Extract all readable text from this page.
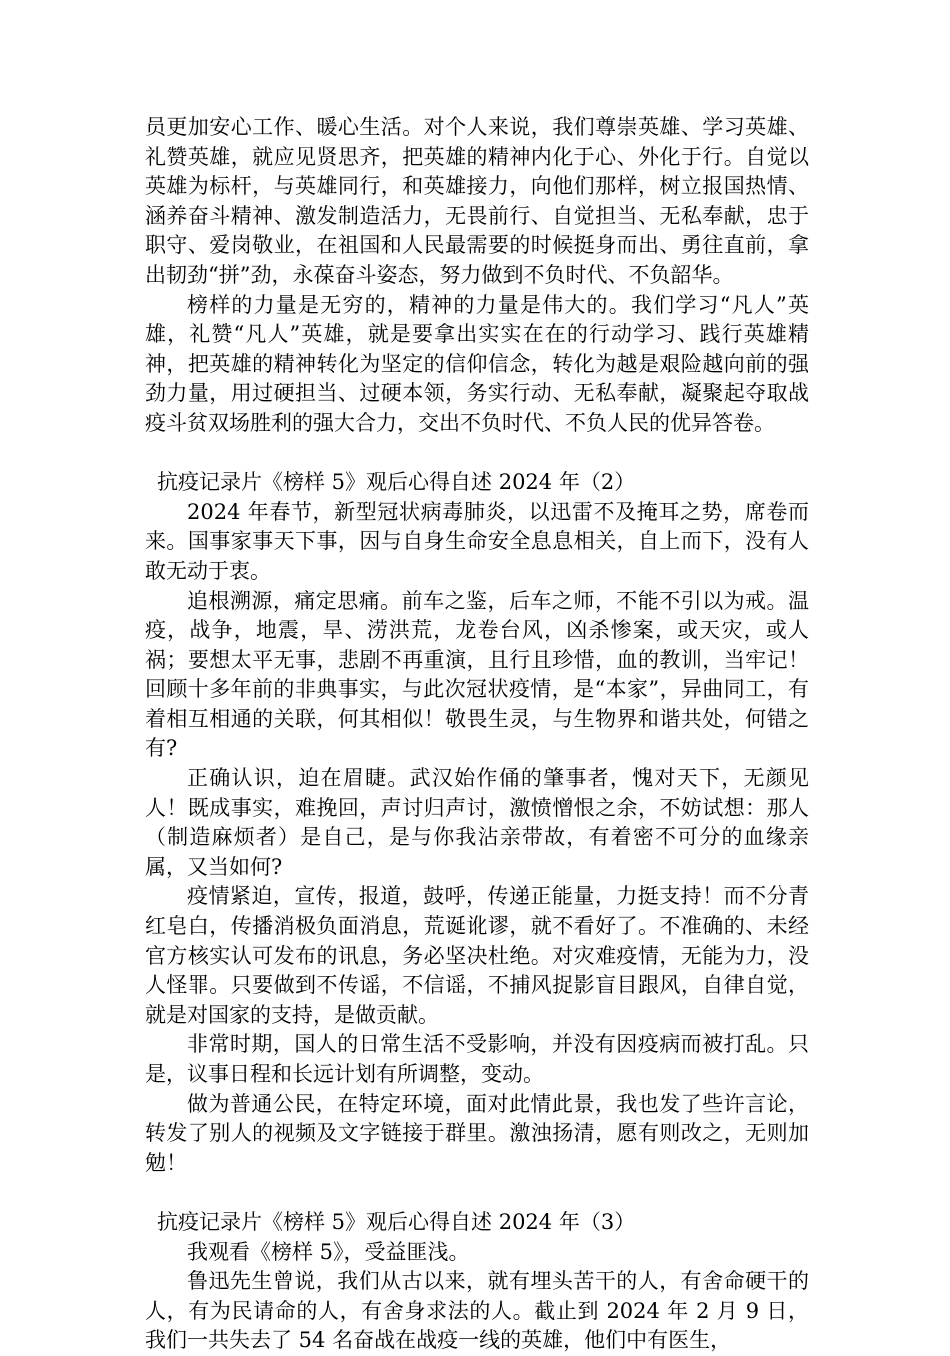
员更加安心工作、暖心生活。对个人来说，我们尊崇英雄、学习英雄、礼赞英雄，就应见贤思齐，把英雄的精神内化于心、外化于行。自觉以英雄为标杆，与英雄同行，和英雄接力，向他们那样，树立报国热情、涵养奋斗精神、激发制造活力，无畏前行、自觉担当、无私奉献，忠于职守、爱岗敬业，在祖国和人民最需要的时候挺身而出、勇往直前，拿出韧劲“拼”劲，永葆奋斗姿态，努力做到不负时代、不负韶华。

榜样的力量是无穷的，精神的力量是伟大的。我们学习“凡人”英雄，礼赞“凡人”英雄，就是要拿出实实在在的行动学习、践行英雄精神，把英雄的精神转化为坚定的信仰信念，转化为越是艰险越向前的强劲力量，用过硬担当、过硬本领，务实行动、无私奉献，凝聚起夺取战疫斗贫双场胜利的强大合力，交出不负时代、不负人民的优异答卷。

抗疫记录片《榜样 5》观后心得自述 2024 年（2）

2024 年春节，新型冠状病毒肺炎，以迅雷不及掩耳之势，席卷而来。国事家事天下事，因与自身生命安全息息相关，自上而下，没有人敢无动于衷。

追根溯源，痛定思痛。前车之鉴，后车之师，不能不引以为戒。温疫，战争，地震，旱、涝洪荒，龙卷台风，凶杀惨案，或天灾，或人祸；要想太平无事，悲剧不再重演，且行且珍惜，血的教训，当牢记！回顾十多年前的非典事实，与此次冠状疫情，是“本家”，异曲同工，有着相互相通的关联，何其相似！敬畏生灵，与生物界和谐共处，何错之有?

正确认识，迫在眉睫。武汉始作俑的肇事者，愧对天下，无颜见人！既成事实，难挽回，声讨归声讨，激愤憎恨之余，不妨试想：那人（制造麻烦者）是自己，是与你我沾亲带故，有着密不可分的血缘亲属，又当如何?

疫情紧迫，宣传，报道，鼓呼，传递正能量，力挺支持！而不分青红皂白，传播消极负面消息，荒诞讹谬，就不看好了。不准确的、未经官方核实认可发布的讯息，务必坚决杜绝。对灾难疫情，无能为力，没人怪罪。只要做到不传谣，不信谣，不捕风捉影盲目跟风，自律自觉，就是对国家的支持，是做贡献。

非常时期，国人的日常生活不受影响，并没有因疫病而被打乱。只是，议事日程和长远计划有所调整，变动。

做为普通公民，在特定环境，面对此情此景，我也发了些许言论，转发了别人的视频及文字链接于群里。激浊扬清，愿有则改之，无则加勉！

抗疫记录片《榜样 5》观后心得自述 2024 年（3）

我观看《榜样 5》，受益匪浅。

鲁迅先生曾说，我们从古以来，就有埋头苦干的人，有舍命硬干的人，有为民请命的人，有舍身求法的人。截止到 2024 年 2 月 9 日，我们一共失去了 54 名奋战在战疫一线的英雄，他们中有医生，
